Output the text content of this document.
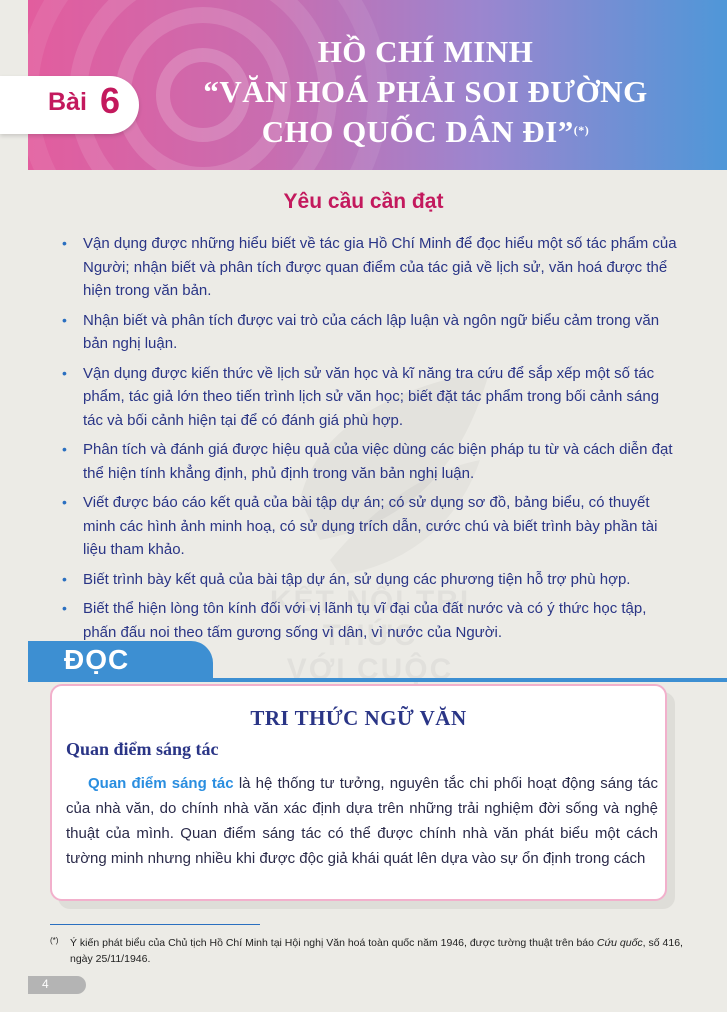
HỒ CHÍ MINH
“VĂN HOÁ PHẢI SOI ĐƯỜNG
CHO QUỐC DÂN ĐI”(*)
Bài 6
Yêu cầu cần đạt
• Vận dụng được những hiểu biết về tác gia Hồ Chí Minh để đọc hiểu một số tác phẩm của Người; nhận biết và phân tích được quan điểm của tác giả về lịch sử, văn hoá được thể hiện trong văn bản.
• Nhận biết và phân tích được vai trò của cách lập luận và ngôn ngữ biểu cảm trong văn bản nghị luận.
• Vận dụng được kiến thức về lịch sử văn học và kĩ năng tra cứu để sắp xếp một số tác phẩm, tác giả lớn theo tiến trình lịch sử văn học; biết đặt tác phẩm trong bối cảnh sáng tác và bối cảnh hiện tại để có đánh giá phù hợp.
• Phân tích và đánh giá được hiệu quả của việc dùng các biện pháp tu từ và cách diễn đạt thể hiện tính khẳng định, phủ định trong văn bản nghị luận.
• Viết được báo cáo kết quả của bài tập dự án; có sử dụng sơ đồ, bảng biểu, có thuyết minh các hình ảnh minh hoạ, có sử dụng trích dẫn, cước chú và biết trình bày phần tài liệu tham khảo.
• Biết trình bày kết quả của bài tập dự án, sử dụng các phương tiện hỗ trợ phù hợp.
• Biết thể hiện lòng tôn kính đối với vị lãnh tụ vĩ đại của đất nước và có ý thức học tập, phấn đấu noi theo tấm gương sống vì dân, vì nước của Người.
ĐỌC
TRI THỨC NGỮ VĂN
Quan điểm sáng tác
Quan điểm sáng tác là hệ thống tư tưởng, nguyên tắc chi phối hoạt động sáng tác của nhà văn, do chính nhà văn xác định dựa trên những trải nghiệm đời sống và nghệ thuật của mình. Quan điểm sáng tác có thể được chính nhà văn phát biểu một cách tường minh nhưng nhiều khi được độc giả khái quát lên dựa vào sự ổn định trong cách
(*)	Ý kiến phát biểu của Chủ tịch Hồ Chí Minh tại Hội nghị Văn hoá toàn quốc năm 1946, được tường thuật trên báo Cứu quốc, số 416, ngày 25/11/1946.
4
